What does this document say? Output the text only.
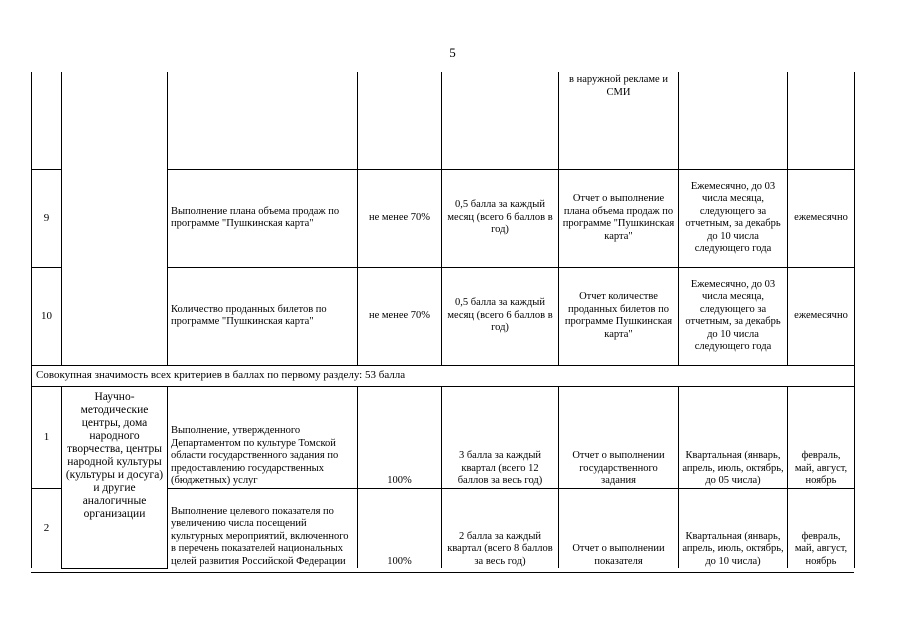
5
					в наружной рекламе и СМИ		
9		Выполнение плана объема продаж по программе "Пушкинская карта"	не менее 70%	0,5 балла за каждый месяц (всего 6 баллов в год)	Отчет о выполнение плана объема продаж по программе "Пушкинская карта"	Ежемесячно, до 03 числа месяца, следующего за отчетным, за декабрь до 10 числа следующего года	ежемесячно
10		Количество проданных билетов по программе "Пушкинская карта"	не менее 70%	0,5 балла за каждый месяц (всего 6 баллов в год)	Отчет количестве проданных билетов по программе Пушкинская карта"	Ежемесячно, до 03 числа месяца, следующего за отчетным, за декабрь до 10 числа следующего года	ежемесячно
Совокупная значимость всех критериев в баллах по первому разделу: 53 балла							
1	Научно-методические центры, дома народного творчества, центры народной культуры (культуры и досуга) и другие аналогичные организации	Выполнение, утвержденного Департаментом по культуре Томской области государственного задания по предоставлению государственных (бюджетных) услуг	100%	3 балла за каждый квартал (всего 12 баллов за весь год)	Отчет о выполнении государственного задания	Квартальная (январь, апрель, июль, октябрь, до 05 числа)	февраль, май, август, ноябрь
2		Выполнение целевого показателя по увеличению числа посещений культурных мероприятий, включенного в перечень показателей национальных целей развития Российской Федерации	100%	2 балла за каждый квартал (всего 8 баллов за весь год)	Отчет о выполнении показателя	Квартальная (январь, апрель, июль, октябрь, до 10 числа)	февраль, май, август, ноябрь
